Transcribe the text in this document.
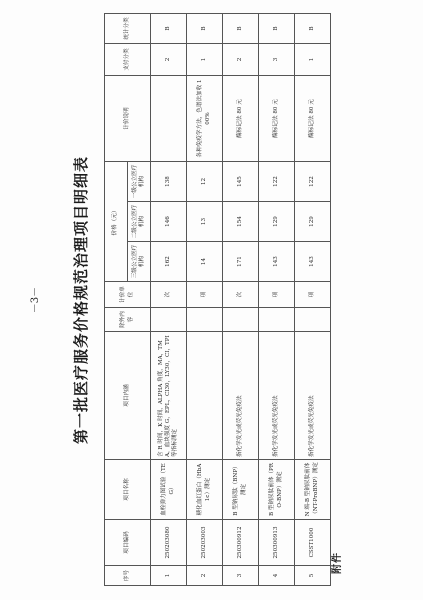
附件
第一批医疗服务价格规范治理项目明细表
－3－
序号	项目编码	项目名称	项目内涵	除外内容	计价单位	价格（元）			计价说明	支付分类	统计分类
						三级公立医疗机构	二级公立医疗机构	一级公立医疗机构			
1	250203080	血栓弹力图试验（TEG）	含 R 时间，K 时间，ALPHA 角度，MA，TMA，血块强度 G，EPL，CI30，LY30，CI，TPI 等指标测定		次	162	146	138		2	B
2	250203003	糖化血红蛋白（HbA1c）测定			项	14	13	12	各种免疫学方法，色谱法加收 100%	1	B
3	250300912	B 型钠尿肽（BNP）测定	指化学发光或荧光免疫法		次	171	154	145	酶标记法 80 元	2	B
4	250300913	B 型钠尿肽前体（PRO-BNP）测定	指化学发光或荧光免疫法		项	143	129	122	酶标记法 80 元	3	B
5	CSST1000	N 端-B 型钠尿肽前体（NT-ProBNP）测定	指化学发光或荧光免疫法		项	143	129	122	酶标记法 80 元	1	B
